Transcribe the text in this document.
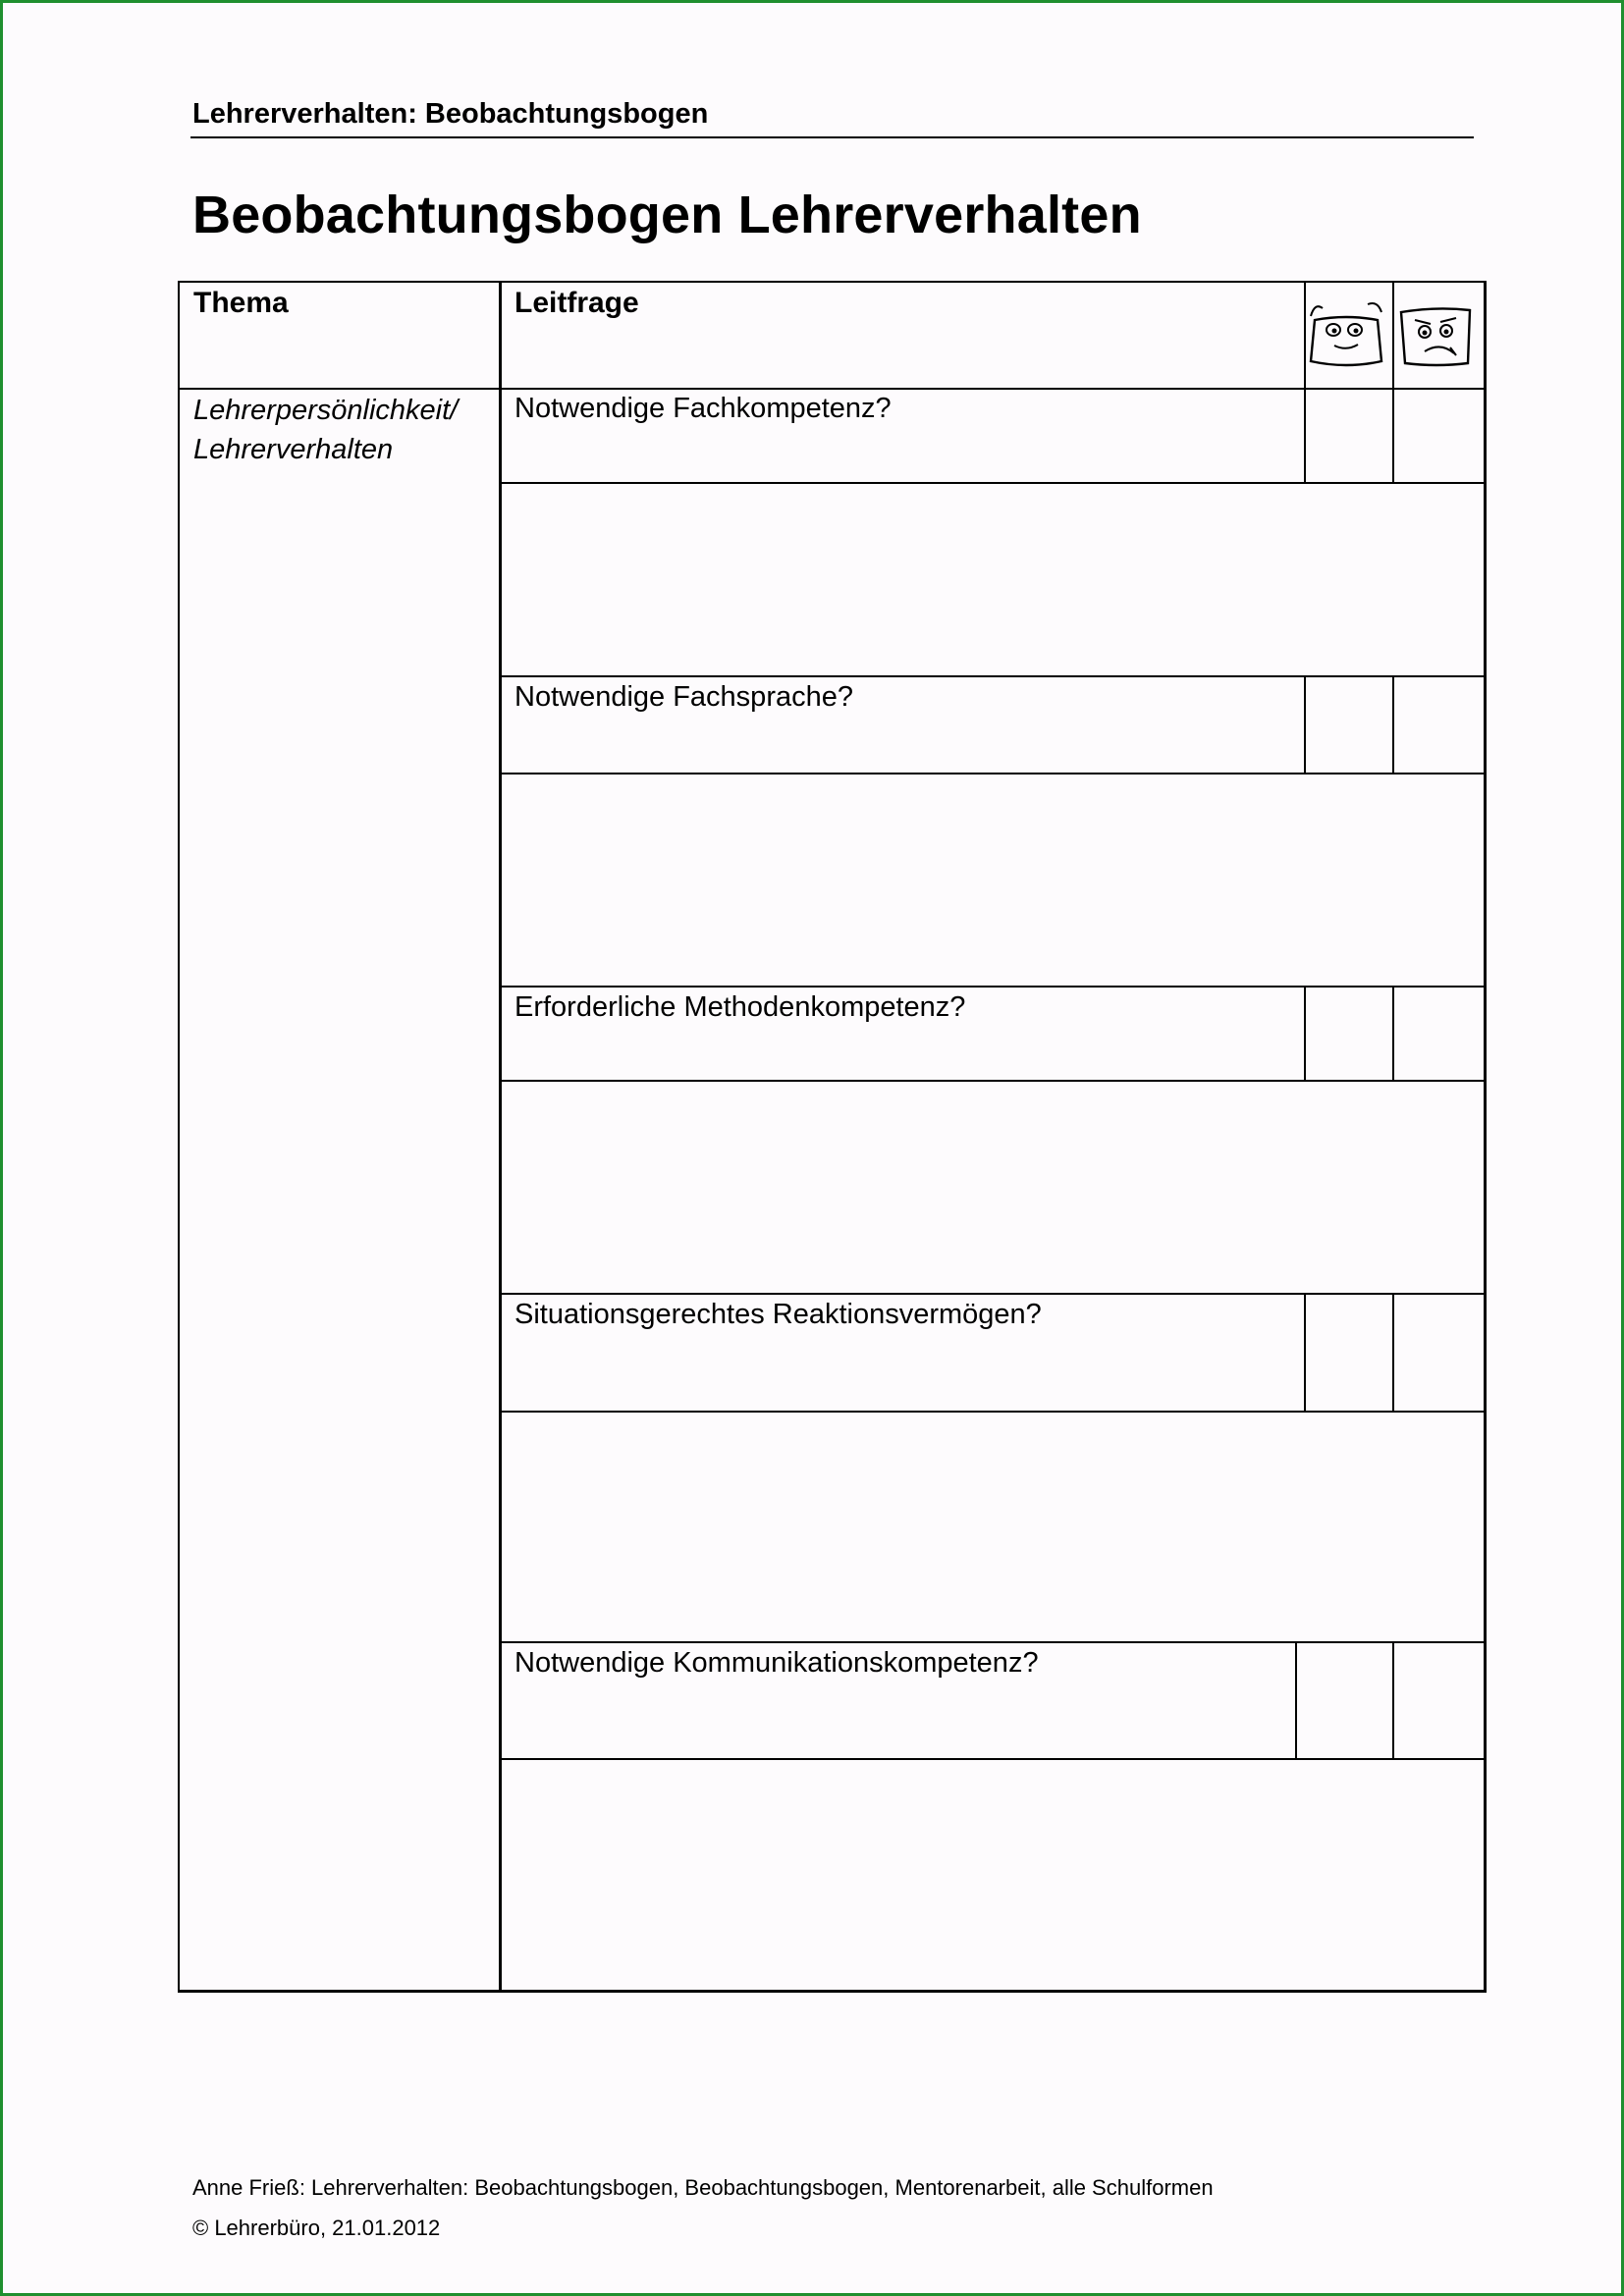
Lehrerverhalten: Beobachtungsbogen
Beobachtungsbogen Lehrerverhalten
Thema	Leitfrage
Lehrerpersönlichkeit/
Lehrerverhalten
Notwendige Fachkompetenz?
Notwendige Fachsprache?
Erforderliche Methodenkompetenz?
Situationsgerechtes Reaktionsvermögen?
Notwendige Kommunikationskompetenz?
Anne Frieß: Lehrerverhalten: Beobachtungsbogen, Beobachtungsbogen, Mentorenarbeit, alle Schulformen
© Lehrerbüro, 21.01.2012
